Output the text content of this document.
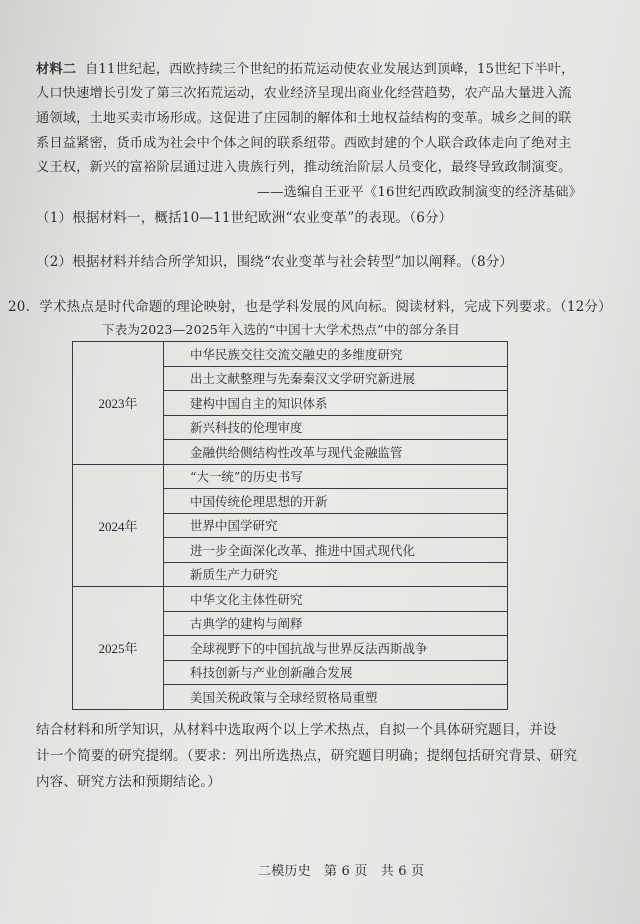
材料二 自11世纪起，西欧持续三个世纪的拓荒运动使农业发展达到顶峰，15世纪下半叶，
人口快速增长引发了第三次拓荒运动，农业经济呈现出商业化经营趋势，农产品大量进入流
通领域，土地买卖市场形成。这促进了庄园制的解体和土地权益结构的变革。城乡之间的联
系日益紧密，货币成为社会中个体之间的联系纽带。西欧封建的个人联合政体走向了绝对主
义王权，新兴的富裕阶层通过进入贵族行列，推动统治阶层人员变化，最终导致政制演变。
——选编自王亚平《16世纪西欧政制演变的经济基础》
（1）根据材料一，概括10—11世纪欧洲“农业变革”的表现。（6分）
（2）根据材料并结合所学知识，围绕“农业变革与社会转型”加以阐释。（8分）
20．学术热点是时代命题的理论映射，也是学科发展的风向标。阅读材料，完成下列要求。（12分）
下表为2023—2025年入选的“中国十大学术热点”中的部分条目
2023年	中华民族交往交流交融史的多维度研究
	出土文献整理与先秦秦汉文学研究新进展
	建构中国自主的知识体系
	新兴科技的伦理审度
	金融供给侧结构性改革与现代金融监管
2024年	“大一统”的历史书写
	中国传统伦理思想的开新
	世界中国学研究
	进一步全面深化改革、推进中国式现代化
	新质生产力研究
2025年	中华文化主体性研究
	古典学的建构与阐释
	全球视野下的中国抗战与世界反法西斯战争
	科技创新与产业创新融合发展
	美国关税政策与全球经贸格局重塑
结合材料和所学知识，从材料中选取两个以上学术热点，自拟一个具体研究题目，并设
计一个简要的研究提纲。（要求：列出所选热点，研究题目明确；提纲包括研究背景、研究
内容、研究方法和预期结论。）
二模历史　第 6 页　共 6 页
